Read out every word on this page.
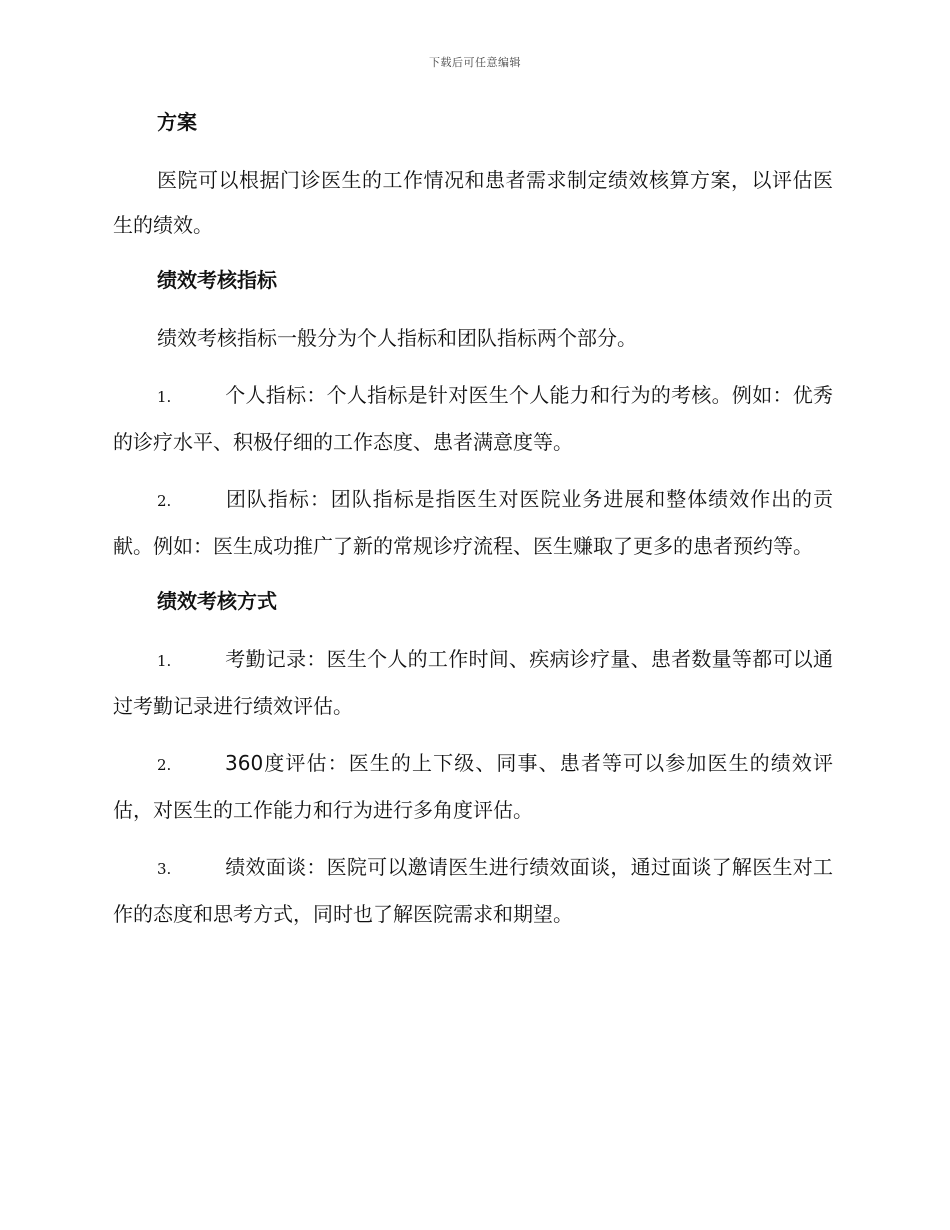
下载后可任意编辑
方案

医院可以根据门诊医生的工作情况和患者需求制定绩效核算方案，以评估医生的绩效。

绩效考核指标

绩效考核指标一般分为个人指标和团队指标两个部分。

1.	个人指标：个人指标是针对医生个人能力和行为的考核。例如：优秀的诊疗水平、积极仔细的工作态度、患者满意度等。
2.	团队指标：团队指标是指医生对医院业务进展和整体绩效作出的贡献。例如：医生成功推广了新的常规诊疗流程、医生赚取了更多的患者预约等。
绩效考核方式
1.	考勤记录：医生个人的工作时间、疾病诊疗量、患者数量等都可以通过考勤记录进行绩效评估。
2.	360度评估：医生的上下级、同事、患者等可以参加医生的绩效评估，对医生的工作能力和行为进行多角度评估。
3.	绩效面谈：医院可以邀请医生进行绩效面谈，通过面谈了解医生对工作的态度和思考方式，同时也了解医院需求和期望。
